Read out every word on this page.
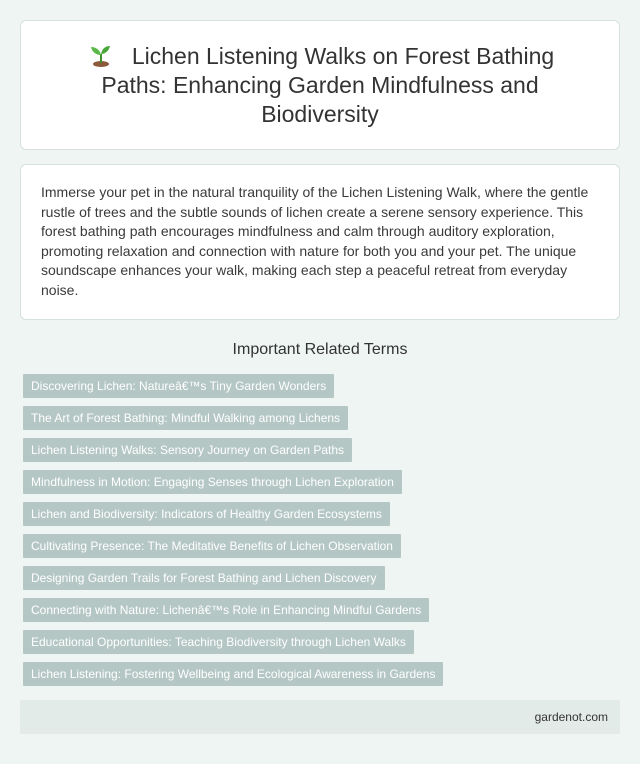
Lichen Listening Walks on Forest Bathing Paths: Enhancing Garden Mindfulness and Biodiversity

Immerse your pet in the natural tranquility of the Lichen Listening Walk, where the gentle rustle of trees and the subtle sounds of lichen create a serene sensory experience. This forest bathing path encourages mindfulness and calm through auditory exploration, promoting relaxation and connection with nature for both you and your pet. The unique soundscape enhances your walk, making each step a peaceful retreat from everyday noise.

Important Related Terms
Discovering Lichen: Natureâ€™s Tiny Garden Wonders
The Art of Forest Bathing: Mindful Walking among Lichens
Lichen Listening Walks: Sensory Journey on Garden Paths
Mindfulness in Motion: Engaging Senses through Lichen Exploration
Lichen and Biodiversity: Indicators of Healthy Garden Ecosystems
Cultivating Presence: The Meditative Benefits of Lichen Observation
Designing Garden Trails for Forest Bathing and Lichen Discovery
Connecting with Nature: Lichenâ€™s Role in Enhancing Mindful Gardens
Educational Opportunities: Teaching Biodiversity through Lichen Walks
Lichen Listening: Fostering Wellbeing and Ecological Awareness in Gardens
gardenot.com
